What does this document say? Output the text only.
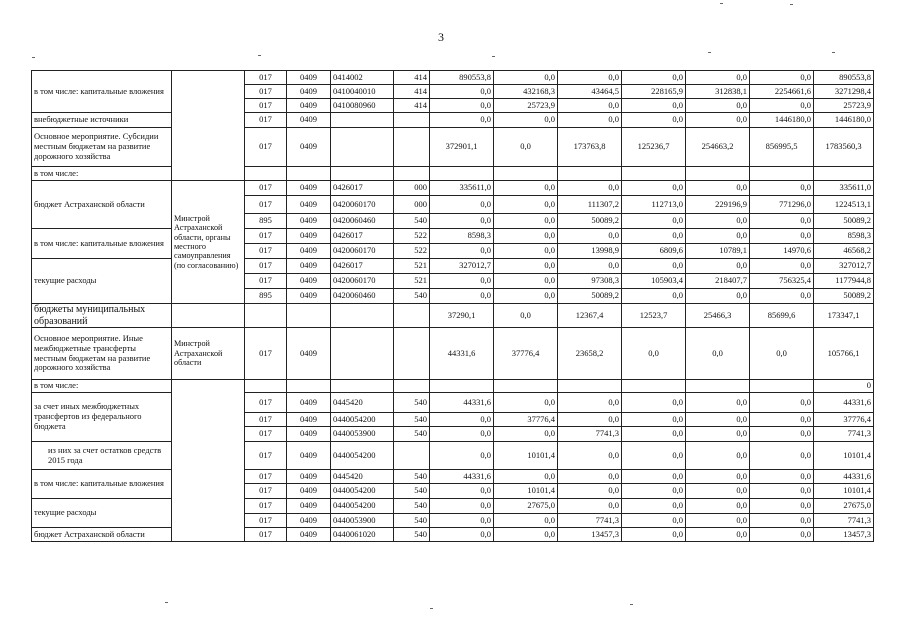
3
в том числе: капитальные вложения		017	0409	0414002	414	890553,8	0,0	0,0	0,0	0,0	0,0	890553,8
		017	0409	0410040010	414	0,0	432168,3	43464,5	228165,9	312838,1	2254661,6	3271298,4
		017	0409	0410080960	414	0,0	25723,9	0,0	0,0	0,0	0,0	25723,9
внебюджетные источники		017	0409			0,0	0,0	0,0	0,0	0,0	1446180,0	1446180,0
Основное мероприятие. Субсидии местным бюджетам на развитие дорожного хозяйства		017	0409			372901,1	0,0	173763,8	125236,7	254663,2	856995,5	1783560,3
в том числе:												
бюджет Астраханской области	Минстрой Астраханской области, органы местного самоуправления (по согласованию)	017	0409	0426017	000	335611,0	0,0	0,0	0,0	0,0	0,0	335611,0
		017	0409	0420060170	000	0,0	0,0	111307,2	112713,0	229196,9	771296,0	1224513,1
		895	0409	0420060460	540	0,0	0,0	50089,2	0,0	0,0	0,0	50089,2
в том числе: капитальные вложения		017	0409	0426017	522	8598,3	0,0	0,0	0,0	0,0	0,0	8598,3
		017	0409	0420060170	522	0,0	0,0	13998,9	6809,6	10789,1	14970,6	46568,2
текущие расходы		017	0409	0426017	521	327012,7	0,0	0,0	0,0	0,0	0,0	327012,7
		017	0409	0420060170	521	0,0	0,0	97308,3	105903,4	218407,7	756325,4	1177944,8
		895	0409	0420060460	540	0,0	0,0	50089,2	0,0	0,0	0,0	50089,2
бюджеты муниципальных образований						37290,1	0,0	12367,4	12523,7	25466,3	85699,6	173347,1
Основное мероприятие. Иные межбюджетные трансферты местным бюджетам на развитие дорожного хозяйства	Минстрой Астраханской области	017	0409			44331,6	37776,4	23658,2	0,0	0,0	0,0	105766,1
в том числе:												0
за счет иных межбюджетных трансфертов из федерального бюджета		017	0409	0445420	540	44331,6	0,0	0,0	0,0	0,0	0,0	44331,6
		017	0409	0440054200	540	0,0	37776,4	0,0	0,0	0,0	0,0	37776,4
		017	0409	0440053900	540	0,0	0,0	7741,3	0,0	0,0	0,0	7741,3
из них за счет остатков средств 2015 года		017	0409	0440054200		0,0	10101,4	0,0	0,0	0,0	0,0	10101,4
в том числе: капитальные вложения		017	0409	0445420	540	44331,6	0,0	0,0	0,0	0,0	0,0	44331,6
		017	0409	0440054200	540	0,0	10101,4	0,0	0,0	0,0	0,0	10101,4
текущие расходы		017	0409	0440054200	540	0,0	27675,0	0,0	0,0	0,0	0,0	27675,0
		017	0409	0440053900	540	0,0	0,0	7741,3	0,0	0,0	0,0	7741,3
бюджет Астраханской области		017	0409	0440061020	540	0,0	0,0	13457,3	0,0	0,0	0,0	13457,3
